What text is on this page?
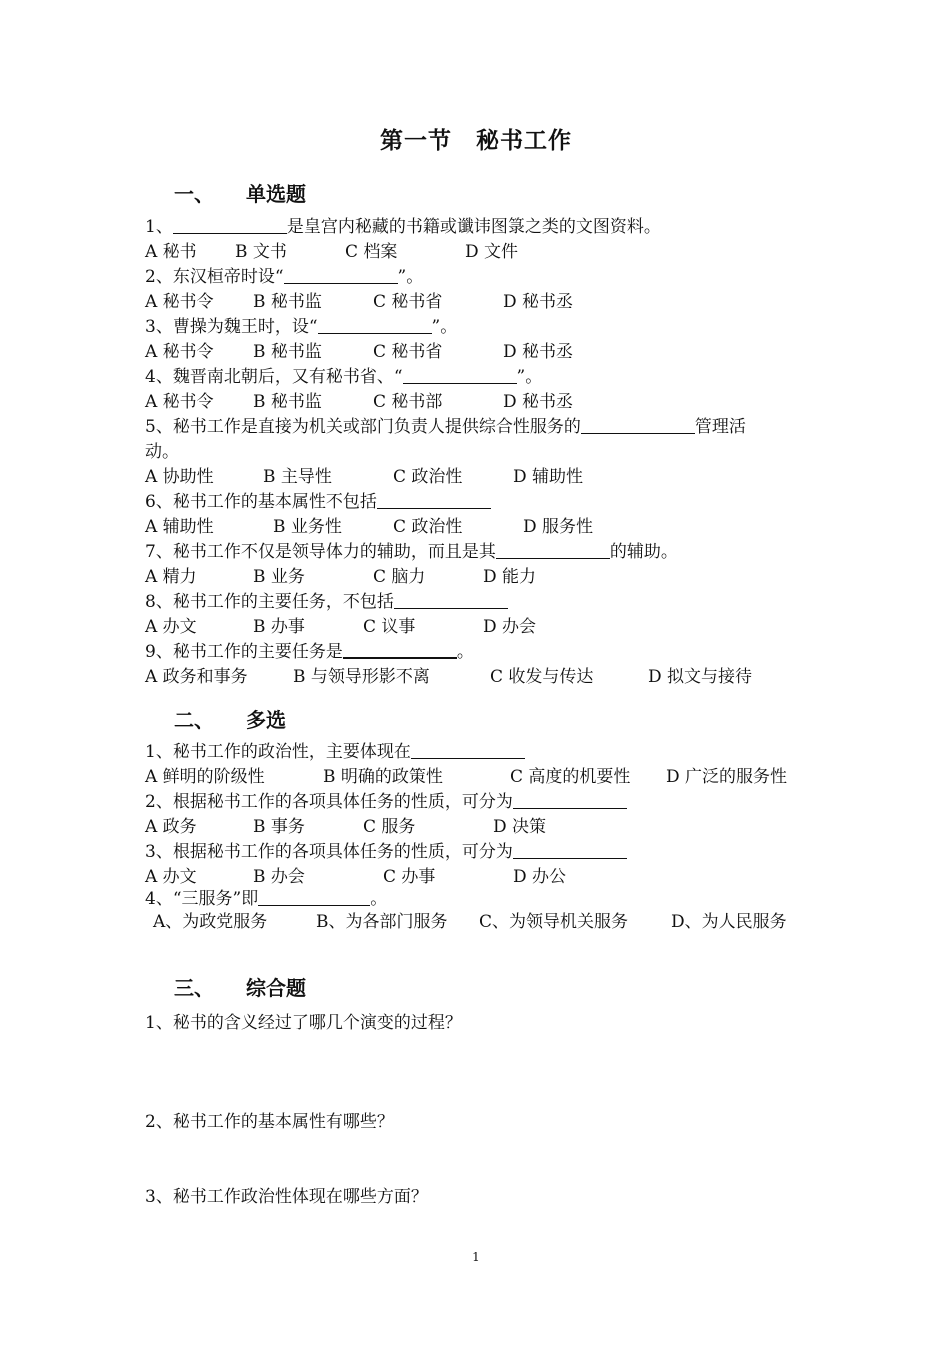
第一节　秘书工作
一、 单选题
1、	是皇宫内秘藏的书籍或谶讳图箓之类的文图资料。
A 秘书 B 文书	C 档案	D 文件
2、东汉桓帝时设“	”。
A 秘书令 B 秘书监	C 秘书省	D 秘书丞
3、曹操为魏王时，设“	”。
A 秘书令 B 秘书监	C 秘书省	D 秘书丞
4、魏晋南北朝后，又有秘书省、“	”。
A 秘书令 B 秘书监	C 秘书部	D 秘书丞
5、秘书工作是直接为机关或部门负责人提供综合性服务的	管理活
动。
A 协助性	B 主导性	C 政治性	D 辅助性
6、秘书工作的基本属性不包括
A 辅助性	B 业务性	C 政治性	D 服务性
7、秘书工作不仅是领导体力的辅助，而且是其	的辅助。
A 精力	B 业务	C 脑力	D 能力
8、秘书工作的主要任务，不包括
A 办文	B 办事	C 议事	D 办会
9、秘书工作的主要任务是	。
A 政务和事务	B 与领导形影不离	C 收发与传达	D 拟文与接待
二、 多选
1、秘书工作的政治性，主要体现在
A 鲜明的阶级性	B 明确的政策性	C 高度的机要性 D 广泛的服务性
2、根据秘书工作的各项具体任务的性质，可分为
A 政务	B 事务	C 服务	D 决策
3、根据秘书工作的各项具体任务的性质，可分为
A 办文	B 办会	C 办事	D 办公
4、“三服务”即	。
A、为政党服务	B、为各部门服务 C、为领导机关服务	D、为人民服务
三、 综合题
1、秘书的含义经过了哪几个演变的过程？
2、秘书工作的基本属性有哪些？
3、秘书工作政治性体现在哪些方面？
1
